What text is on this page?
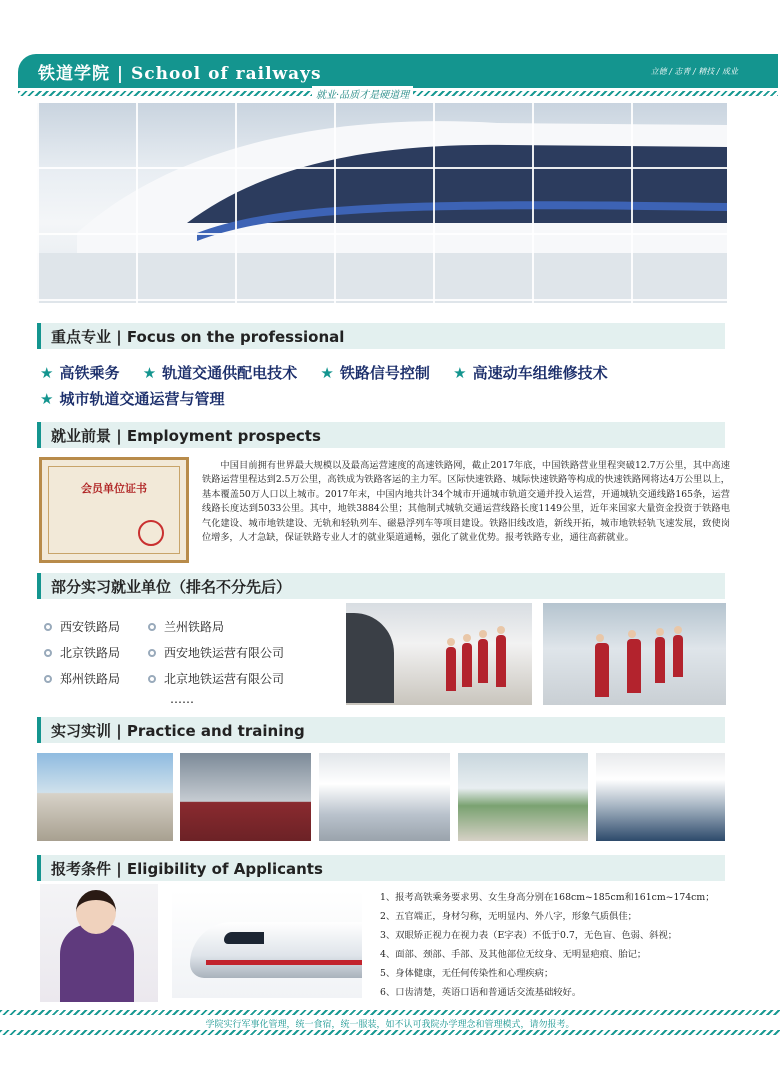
铁道学院 | School of railways	立德 / 志青 / 精技 / 成业
就业·品质才是硬道理
重点专业 | Focus on the professional
★ 高铁乘务 ★ 轨道交通供配电技术 ★ 铁路信号控制 ★ 高速动车组维修技术
★ 城市轨道交通运营与管理
就业前景 | Employment prospects
会员单位证书

中国目前拥有世界最大规模以及最高运营速度的高速铁路网，截止2017年底，中国铁路营业里程突破12.7万公里，其中高速铁路运营里程达到2.5万公里，高铁成为铁路客运的主力军。区际快速铁路、城际快速铁路等构成的快速铁路网将达4万公里以上，基本覆盖50万人口以上城市。2017年末，中国内地共计34个城市开通城市轨道交通并投入运营，开通城轨交通线路165条，运营线路长度达到5033公里。其中，地铁3884公里；其他制式城轨交通运营线路长度1149公里，近年来国家大量资金投资于铁路电气化建设、城市地铁建设、无轨和轻轨列车、磁悬浮列车等项目建设。铁路旧线改造，新线开拓，城市地铁轻轨飞速发展，致使岗位增多，人才急缺，保证铁路专业人才的就业渠道通畅，强化了就业优势。报考铁路专业，通往高薪就业。

部分实习就业单位（排名不分先后）
西安铁路局	兰州铁路局
北京铁路局	西安地铁运营有限公司
郑州铁路局	北京地铁运营有限公司
……
实习实训 | Practice and training
报考条件 | Eligibility of Applicants
1、报考高铁乘务要求男、女生身高分别在168cm~185cm和161cm~174cm；
2、五官端正，身材匀称，无明显内、外八字，形象气质俱佳；
3、双眼矫正视力在视力表（E字表）不低于0.7，无色盲、色弱、斜视；
4、面部、颈部、手部、及其他部位无纹身、无明显疤痕、胎记；
5、身体健康，无任何传染性和心理疾病；
6、口齿清楚，英语口语和普通话交流基础较好。
学院实行军事化管理，统一食宿，统一服装，如不认可我院办学理念和管理模式，请勿报考。
